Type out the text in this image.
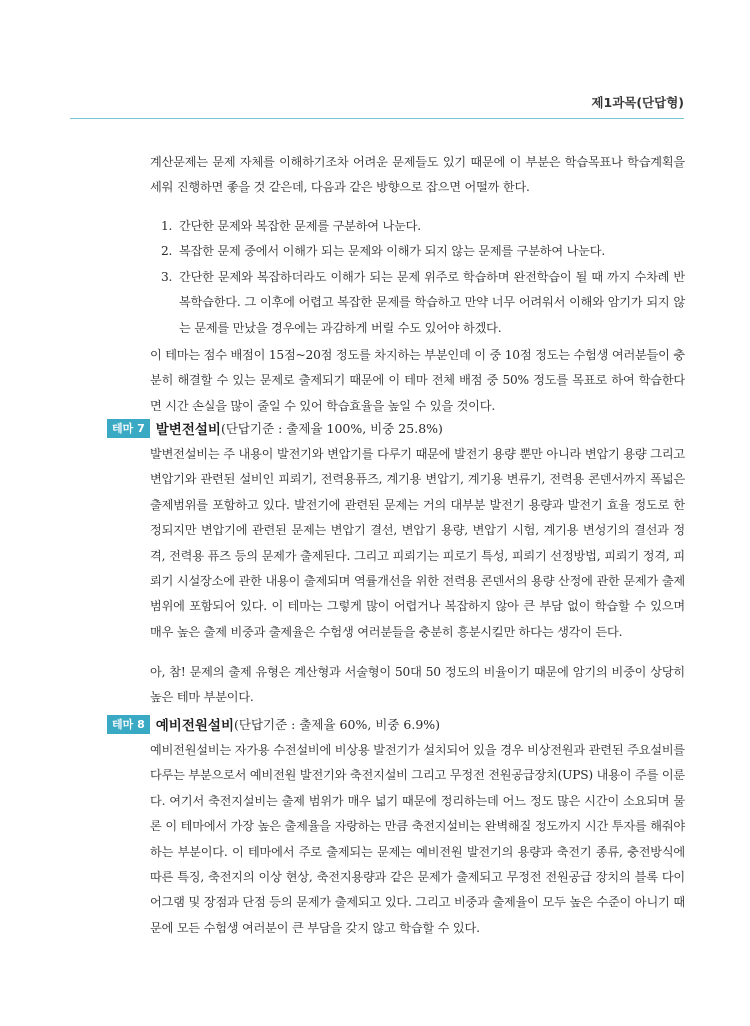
제1과목(단답형)

계산문제는 문제 자체를 이해하기조차 어려운 문제들도 있기 때문에 이 부분은 학습목표나 학습계획을 세워 진행하면 좋을 것 같은데, 다음과 같은 방향으로 잡으면 어떨까 한다.

1. 간단한 문제와 복잡한 문제를 구분하여 나눈다.
2. 복잡한 문제 중에서 이해가 되는 문제와 이해가 되지 않는 문제를 구분하여 나눈다.
3. 간단한 문제와 복잡하더라도 이해가 되는 문제 위주로 학습하며 완전학습이 될 때 까지 수차례 반복학습한다. 그 이후에 어렵고 복잡한 문제를 학습하고 만약 너무 어려워서 이해와 암기가 되지 않는 문제를 만났을 경우에는 과감하게 버릴 수도 있어야 하겠다.

이 테마는 점수 배점이 15점~20점 정도를 차지하는 부분인데 이 중 10점 정도는 수험생 여러분들이 충분히 해결할 수 있는 문제로 출제되기 때문에 이 테마 전체 배점 중 50% 정도를 목표로 하여 학습한다면 시간 손실을 많이 줄일 수 있어 학습효율을 높일 수 있을 것이다.

테마 7 발변전설비 (단답기준 : 출제율 100%, 비중 25.8%)

발변전설비는 주 내용이 발전기와 변압기를 다루기 때문에 발전기 용량 뿐만 아니라 변압기 용량 그리고 변압기와 관련된 설비인 피뢰기, 전력용퓨즈, 계기용 변압기, 계기용 변류기, 전력용 콘덴서까지 폭넓은 출제범위를 포함하고 있다. 발전기에 관련된 문제는 거의 대부분 발전기 용량과 발전기 효율 정도로 한정되지만 변압기에 관련된 문제는 변압기 결선, 변압기 용량, 변압기 시험, 계기용 변성기의 결선과 정격, 전력용 퓨즈 등의 문제가 출제된다. 그리고 피뢰기는 피로기 특성, 피뢰기 선정방법, 피뢰기 정격, 피뢰기 시설장소에 관한 내용이 출제되며 역률개선을 위한 전력용 콘덴서의 용량 산정에 관한 문제가 출제 범위에 포함되어 있다. 이 테마는 그렇게 많이 어렵거나 복잡하지 않아 큰 부담 없이 학습할 수 있으며 매우 높은 출제 비중과 출제율은 수험생 여러분들을 충분히 흥분시킬만 하다는 생각이 든다.

아, 참! 문제의 출제 유형은 계산형과 서술형이 50대 50 정도의 비율이기 때문에 암기의 비중이 상당히 높은 테마 부분이다.

테마 8 예비전원설비 (단답기준 : 출제율 60%, 비중 6.9%)

예비전원설비는 자가용 수전설비에 비상용 발전기가 설치되어 있을 경우 비상전원과 관련된 주요설비를 다루는 부분으로서 예비전원 발전기와 축전지설비 그리고 무정전 전원공급장치(UPS) 내용이 주를 이룬다. 여기서 축전지설비는 출제 범위가 매우 넓기 때문에 정리하는데 어느 정도 많은 시간이 소요되며 물론 이 테마에서 가장 높은 출제율을 자랑하는 만큼 축전지설비는 완벽해질 정도까지 시간 투자를 해줘야 하는 부분이다. 이 테마에서 주로 출제되는 문제는 예비전원 발전기의 용량과 축전기 종류, 충전방식에 따른 특징, 축전지의 이상 현상, 축전지용량과 같은 문제가 출제되고 무정전 전원공급 장치의 블록 다이어그램 및 장점과 단점 등의 문제가 출제되고 있다. 그리고 비중과 출제율이 모두 높은 수준이 아니기 때문에 모든 수험생 여러분이 큰 부담을 갖지 않고 학습할 수 있다.
